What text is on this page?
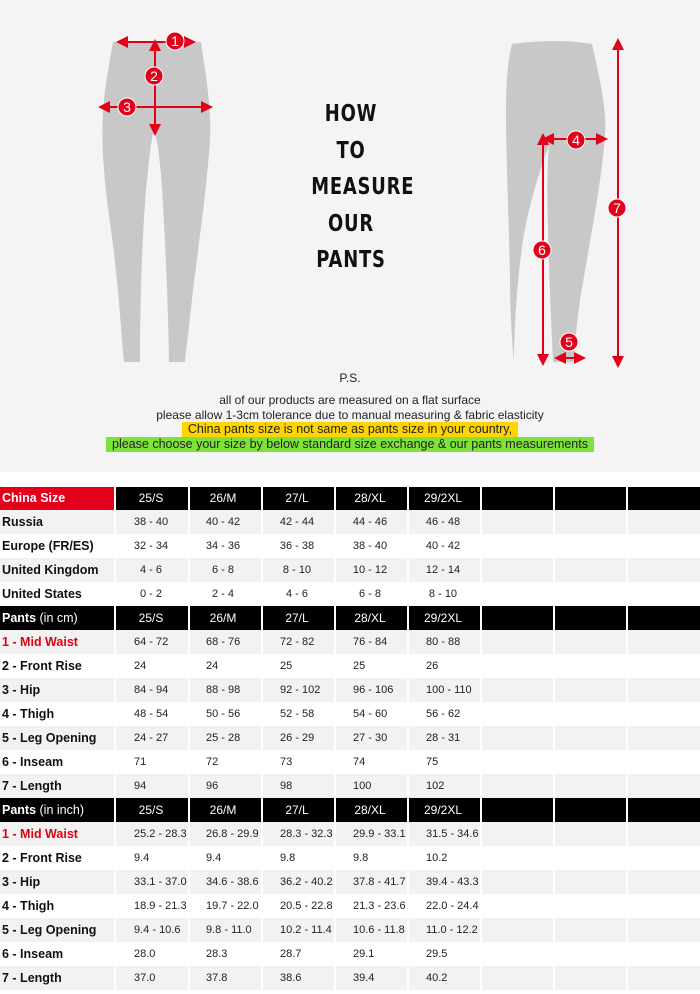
1
2
3
4
5
6
7
HOW
TO
MEASURE
OUR
PANTS
P.S.
all of our products are measured on a flat surface
please allow 1-3cm tolerance due to manual measuring & fabric elasticity
China pants size is not same as pants size in your country,
please choose your size by below standard size exchange & our pants measurements
China Size	25/S	26/M	27/L	28/XL	29/2XL
Russia	38 - 40	40 - 42	42 - 44	44 - 46	46 - 48
Europe (FR/ES)	32 - 34	34 - 36	36 - 38	38 - 40	40 - 42
United Kingdom	4 - 6	6 - 8	8 - 10	10 - 12	12 - 14
United States	0 - 2	2 - 4	4 - 6	6 - 8	8 - 10
Pants (in cm)	25/S	26/M	27/L	28/XL	29/2XL
1 - Mid Waist	64 - 72	68 - 76	72 - 82	76 - 84	80 - 88
2 - Front Rise	24	24	25	25	26
3 - Hip	84 - 94	88 - 98	92 - 102	96 - 106	100 - 110
4 - Thigh	48 - 54	50 - 56	52 - 58	54 - 60	56 - 62
5 - Leg Opening	24 - 27	25 - 28	26 - 29	27 - 30	28 - 31
6 - Inseam	71	72	73	74	75
7 - Length	94	96	98	100	102
Pants (in inch)	25/S	26/M	27/L	28/XL	29/2XL
1 - Mid Waist	25.2 - 28.3	26.8 - 29.9	28.3 - 32.3	29.9 - 33.1	31.5 - 34.6
2 - Front Rise	9.4	9.4	9.8	9.8	10.2
3 - Hip	33.1 - 37.0	34.6 - 38.6	36.2 - 40.2	37.8 - 41.7	39.4 - 43.3
4 - Thigh	18.9 - 21.3	19.7 - 22.0	20.5 - 22.8	21.3 - 23.6	22.0 - 24.4
5 - Leg Opening	9.4 - 10.6	9.8 - 11.0	10.2 - 11.4	10.6 - 11.8	11.0 - 12.2
6 - Inseam	28.0	28.3	28.7	29.1	29.5
7 - Length	37.0	37.8	38.6	39.4	40.2
